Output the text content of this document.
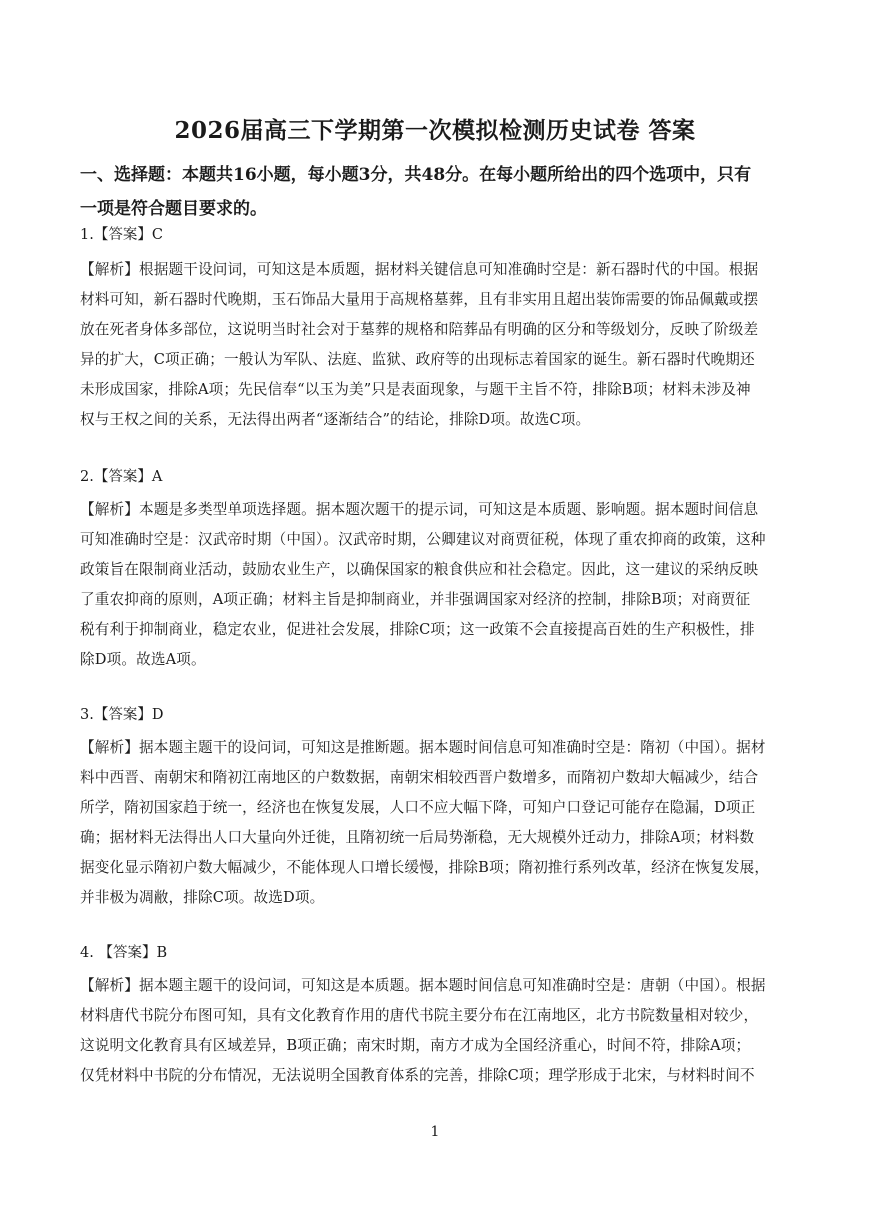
2026届高三下学期第一次模拟检测历史试卷 答案

一、选择题：本题共16小题，每小题3分，共48分。在每小题所给出的四个选项中，只有

一项是符合题目要求的。

1.【答案】C

【解析】根据题干设问词，可知这是本质题，据材料关键信息可知准确时空是：新石器时代的中国。根据

材料可知，新石器时代晚期，玉石饰品大量用于高规格墓葬，且有非实用且超出装饰需要的饰品佩戴或摆

放在死者身体多部位，这说明当时社会对于墓葬的规格和陪葬品有明确的区分和等级划分，反映了阶级差

异的扩大，C项正确；一般认为军队、法庭、监狱、政府等的出现标志着国家的诞生。新石器时代晚期还

未形成国家，排除A项；先民信奉“以玉为美”只是表面现象，与题干主旨不符，排除B项；材料未涉及神

权与王权之间的关系，无法得出两者“逐渐结合”的结论，排除D项。故选C项。

2.【答案】A

【解析】本题是多类型单项选择题。据本题次题干的提示词，可知这是本质题、影响题。据本题时间信息

可知准确时空是：汉武帝时期（中国）。汉武帝时期，公卿建议对商贾征税，体现了重农抑商的政策，这种

政策旨在限制商业活动，鼓励农业生产，以确保国家的粮食供应和社会稳定。因此，这一建议的采纳反映

了重农抑商的原则，A项正确；材料主旨是抑制商业，并非强调国家对经济的控制，排除B项；对商贾征

税有利于抑制商业，稳定农业，促进社会发展，排除C项；这一政策不会直接提高百姓的生产积极性，排

除D项。故选A项。

3.【答案】D

【解析】据本题主题干的设问词，可知这是推断题。据本题时间信息可知准确时空是：隋初（中国）。据材

料中西晋、南朝宋和隋初江南地区的户数数据，南朝宋相较西晋户数增多，而隋初户数却大幅减少，结合

所学，隋初国家趋于统一，经济也在恢复发展，人口不应大幅下降，可知户口登记可能存在隐漏，D项正

确；据材料无法得出人口大量向外迁徙，且隋初统一后局势渐稳，无大规模外迁动力，排除A项；材料数

据变化显示隋初户数大幅减少，不能体现人口增长缓慢，排除B项；隋初推行系列改革，经济在恢复发展，

并非极为凋敝，排除C项。故选D项。

4. 【答案】B

【解析】据本题主题干的设问词，可知这是本质题。据本题时间信息可知准确时空是：唐朝（中国）。根据

材料唐代书院分布图可知，具有文化教育作用的唐代书院主要分布在江南地区，北方书院数量相对较少，

这说明文化教育具有区域差异，B项正确；南宋时期，南方才成为全国经济重心，时间不符，排除A项；

仅凭材料中书院的分布情况，无法说明全国教育体系的完善，排除C项；理学形成于北宋，与材料时间不

1
